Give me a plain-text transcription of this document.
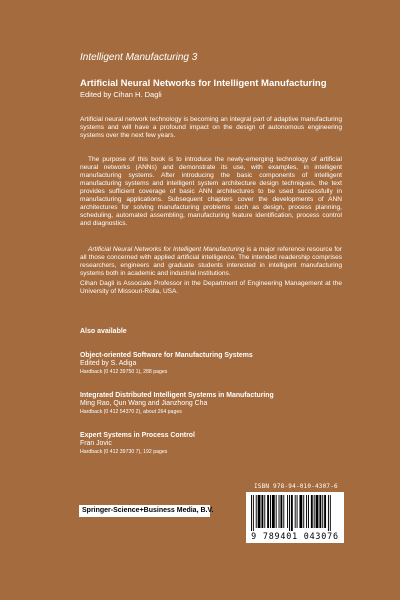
Intelligent Manufacturing 3
Artificial Neural Networks for Intelligent Manufacturing
Edited by Cihan H. Dagli

Artificial neural network technology is becoming an integral part of adaptive manufacturing systems and will have a profound impact on the design of autonomous engineering systems over the next few years.

The purpose of this book is to introduce the newly-emerging technology of artificial neural networks (ANNs) and demonstrate its use, with examples, in intelligent manufacturing systems. After introducing the basic components of intelligent manufacturing systems and intelligent system architecture design techniques, the text provides sufficient coverage of basic ANN architectures to be used successfully in manufacturing applications. Subsequent chapters cover the developments of ANN architectures for solving manufacturing problems such as design, process planning, scheduling, automated assembling, manufacturing feature identification, process control and diagnostics.

Artificial Neural Networks for Intelligent Manufacturing is a major reference resource for all those concerned with applied artificial intelligence. The intended readership comprises researchers, engineers and graduate students interested in intelligent manufacturing systems both in academic and industrial institutions.

Cihan Dagli is Associate Professor in the Department of Engineering Management at the University of Missouri-Rolla, USA.

Also available
Object-oriented Software for Manufacturing Systems
Edited by S. Adiga
Hardback (0 412 39750 1), 288 pages
Integrated Distributed Intelligent Systems in Manufacturing
Ming Rao, Qun Wang and Jianzhong Cha
Hardback (0 412 54370 2), about 264 pages
Expert Systems in Process Control
Fran Jovic
Hardback (0 412 39730 7), 192 pages
ISBN 978-94-010-4307-6
Springer-Science+Business Media, B.V.
9 789401 043076
